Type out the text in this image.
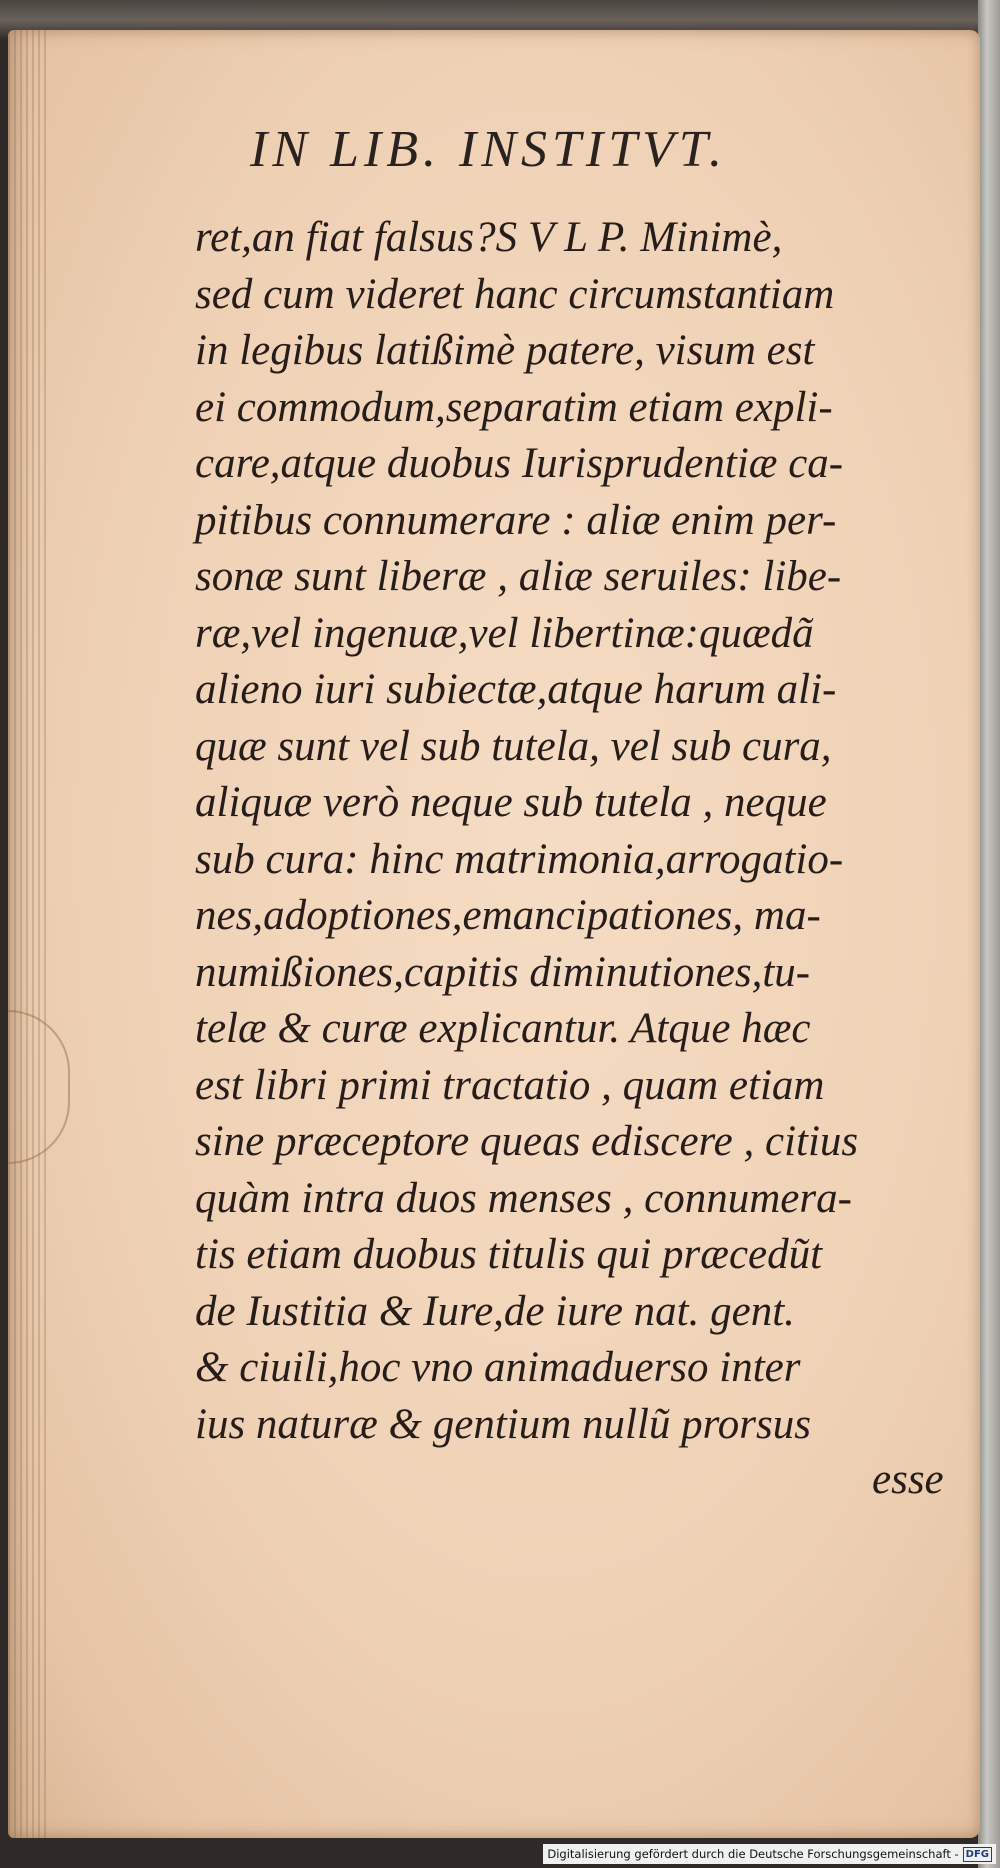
IN LIB. INSTITVT.
ret,an fiat falsus?S V L P. Minimè,
sed cum videret hanc circumstantiam
in legibus latißimè patere, visum est
ei commodum,separatim etiam expli-
care,atque duobus Iurisprudentiæ ca-
pitibus connumerare : aliæ enim per-
sonæ sunt liberæ , aliæ seruiles: libe-
ræ,vel ingenuæ,vel libertinæ:quædã
alieno iuri subiectæ,atque harum ali-
quæ sunt vel sub tutela, vel sub cura,
aliquæ verò neque sub tutela , neque
sub cura: hinc matrimonia,arrogatio-
nes,adoptiones,emancipationes, ma-
numißiones,capitis diminutiones,tu-
telæ & curæ explicantur. Atque hæc
est libri primi tractatio , quam etiam
sine præceptore queas ediscere , citius
quàm intra duos menses , connumera-
tis etiam duobus titulis qui præcedũt
de Iustitia & Iure,de iure nat. gent.
& ciuili,hoc vno animaduerso inter
ius naturæ & gentium nullũ prorsus
esse
Digitalisierung gefördert durch die Deutsche Forschungsgemeinschaft - DFG
